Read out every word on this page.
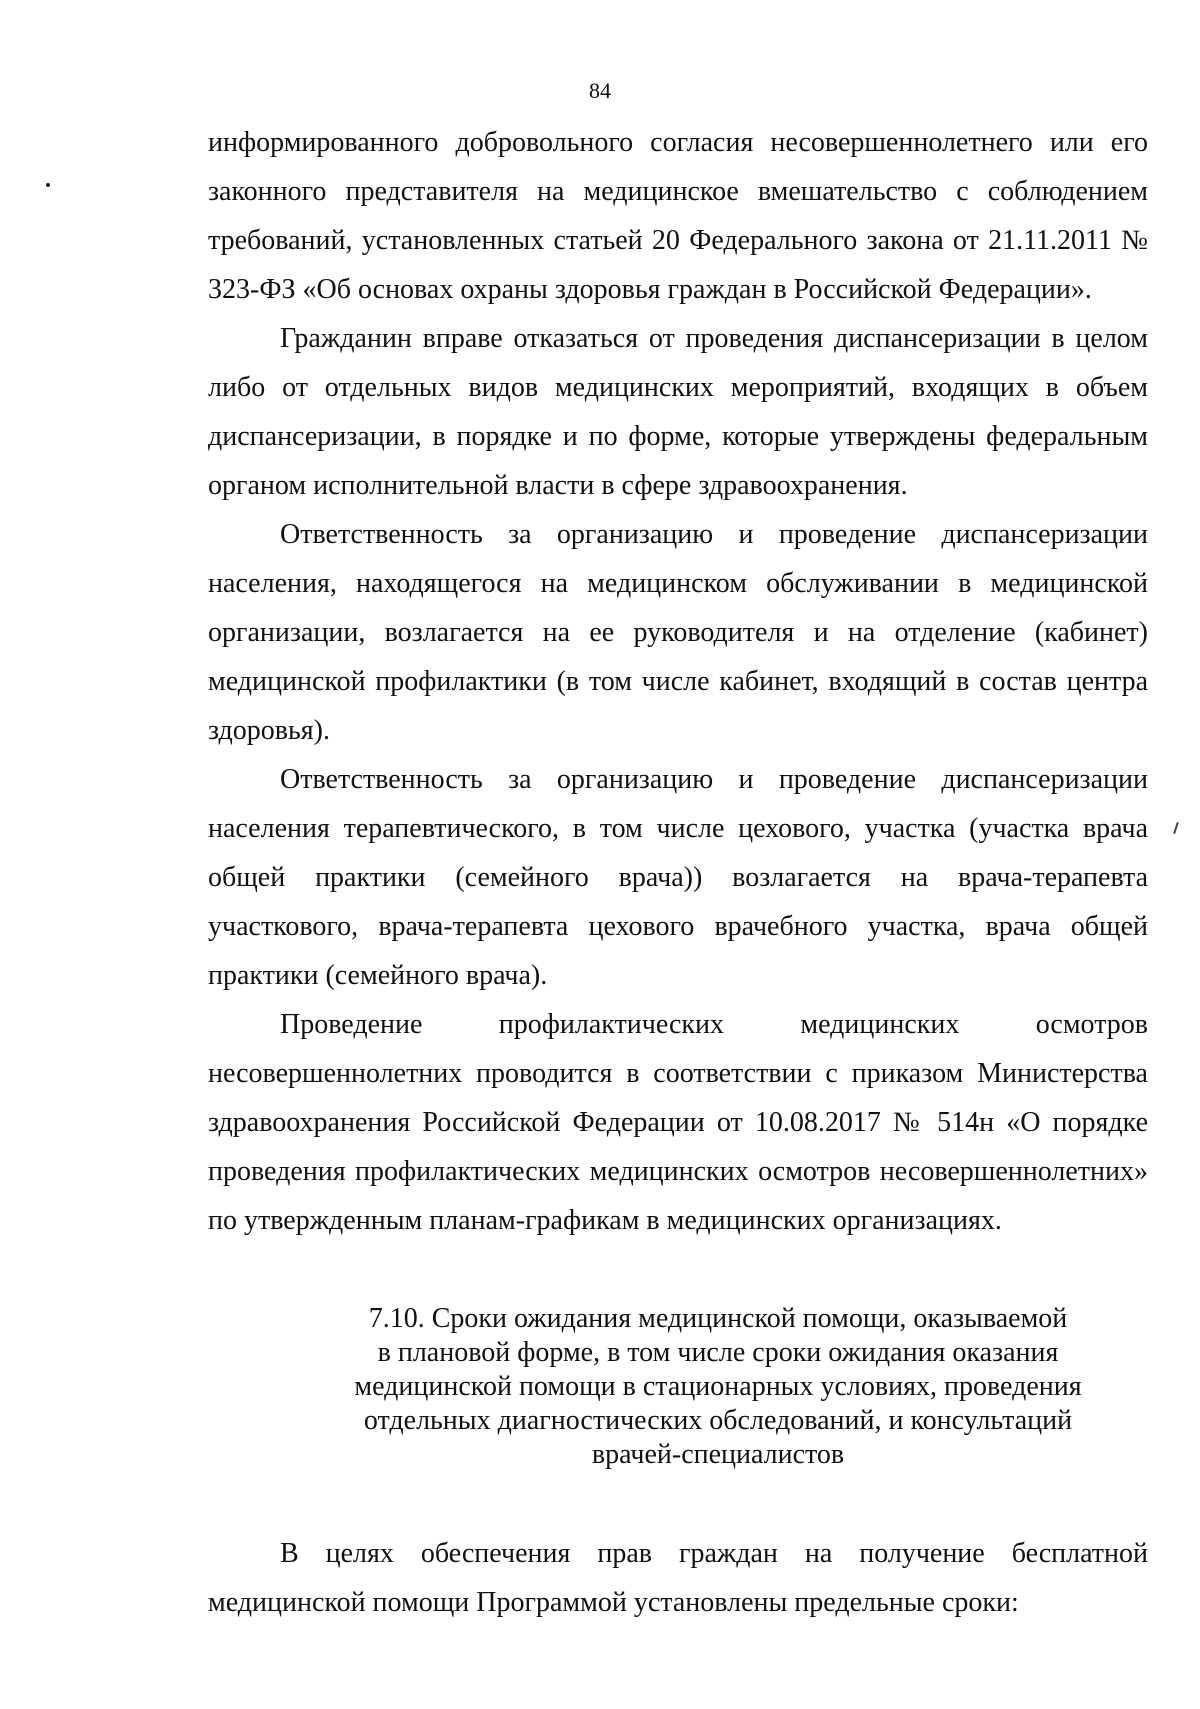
84

информированного добровольного согласия несовершеннолетнего или его законного представителя на медицинское вмешательство с соблюдением требований, установленных статьей 20 Федерального закона от 21.11.2011 № 323-ФЗ «Об основах охраны здоровья граждан в Российской Федерации».

Гражданин вправе отказаться от проведения диспансеризации в целом либо от отдельных видов медицинских мероприятий, входящих в объем диспансеризации, в порядке и по форме, которые утверждены федеральным органом исполнительной власти в сфере здравоохранения.

Ответственность за организацию и проведение диспансеризации населения, находящегося на медицинском обслуживании в медицинской организации, возлагается на ее руководителя и на отделение (кабинет) медицинской профилактики (в том числе кабинет, входящий в состав центра здоровья).

Ответственность за организацию и проведение диспансеризации населения терапевтического, в том числе цехового, участка (участка врача общей практики (семейного врача)) возлагается на врача-терапевта участкового, врача-терапевта цехового врачебного участка, врача общей практики (семейного врача).

Проведение профилактических медицинских осмотров несовершеннолетних проводится в соответствии с приказом Министерства здравоохранения Российской Федерации от 10.08.2017 № 514н «О порядке проведения профилактических медицинских осмотров несовершеннолетних» по утвержденным планам-графикам в медицинских организациях.

7.10. Сроки ожидания медицинской помощи, оказываемой
в плановой форме, в том числе сроки ожидания оказания
медицинской помощи в стационарных условиях, проведения
отдельных диагностических обследований, и консультаций
врачей-специалистов

В целях обеспечения прав граждан на получение бесплатной медицинской помощи Программой установлены предельные сроки:
